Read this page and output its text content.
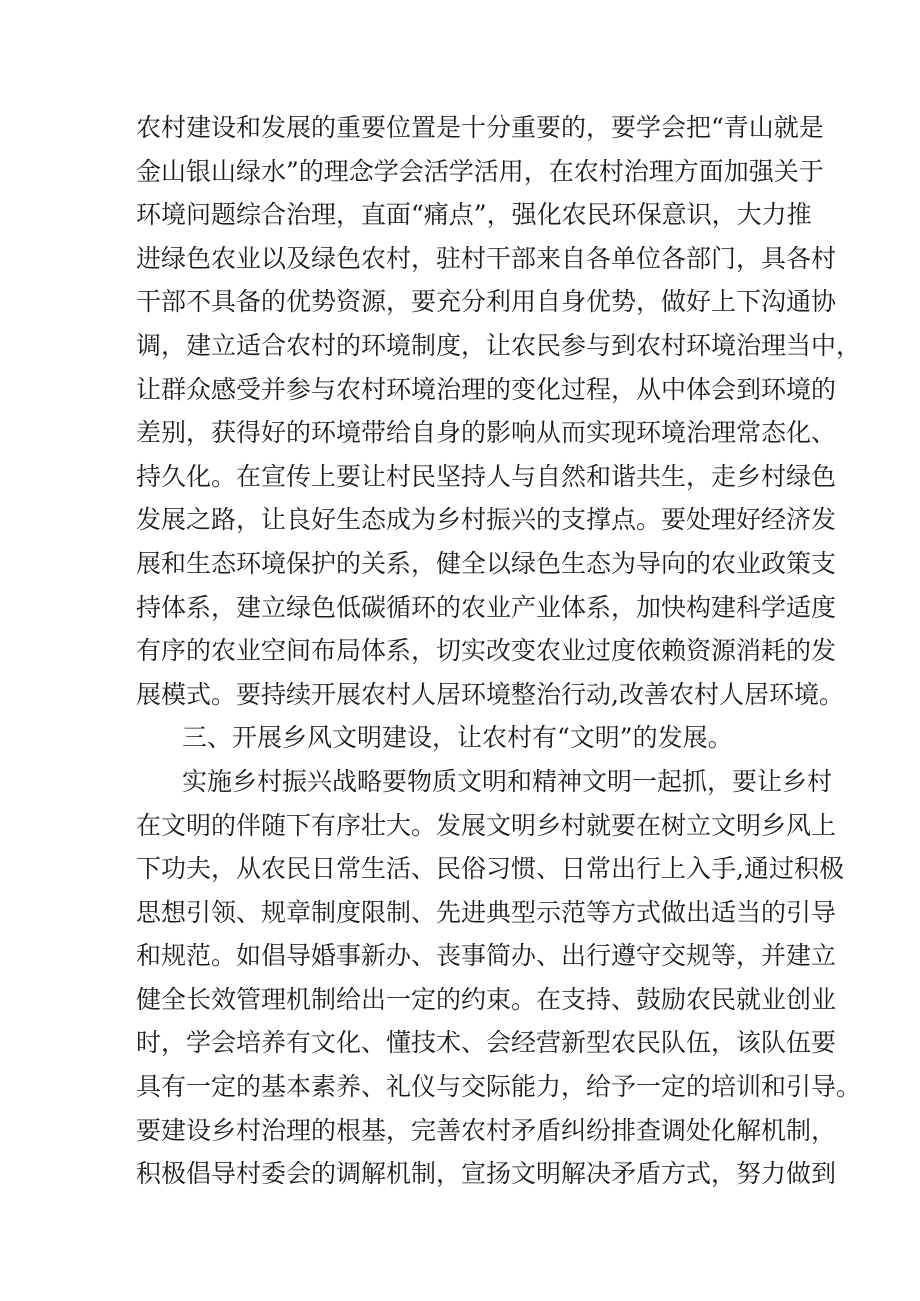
农村建设和发展的重要位置是十分重要的，要学会把“青山就是
金山银山绿水”的理念学会活学活用，在农村治理方面加强关于
环境问题综合治理，直面“痛点”，强化农民环保意识，大力推
进绿色农业以及绿色农村，驻村干部来自各单位各部门，具各村
干部不具备的优势资源，要充分利用自身优势，做好上下沟通协
调，建立适合农村的环境制度，让农民参与到农村环境治理当中，
让群众感受并参与农村环境治理的变化过程，从中体会到环境的
差别，获得好的环境带给自身的影响从而实现环境治理常态化、
持久化。在宣传上要让村民坚持人与自然和谐共生，走乡村绿色
发展之路，让良好生态成为乡村振兴的支撑点。要处理好经济发
展和生态环境保护的关系，健全以绿色生态为导向的农业政策支
持体系，建立绿色低碳循环的农业产业体系，加快构建科学适度
有序的农业空间布局体系，切实改变农业过度依赖资源消耗的发
展模式。要持续开展农村人居环境整治行动,改善农村人居环境。
三、开展乡风文明建设，让农村有“文明”的发展。
实施乡村振兴战略要物质文明和精神文明一起抓，要让乡村
在文明的伴随下有序壮大。发展文明乡村就要在树立文明乡风上
下功夫，从农民日常生活、民俗习惯、日常出行上入手,通过积极
思想引领、规章制度限制、先进典型示范等方式做出适当的引导
和规范。如倡导婚事新办、丧事简办、出行遵守交规等，并建立
健全长效管理机制给出一定的约束。在支持、鼓励农民就业创业
时，学会培养有文化、懂技术、会经营新型农民队伍，该队伍要
具有一定的基本素养、礼仪与交际能力，给予一定的培训和引导。
要建设乡村治理的根基，完善农村矛盾纠纷排查调处化解机制，
积极倡导村委会的调解机制，宣扬文明解决矛盾方式，努力做到
